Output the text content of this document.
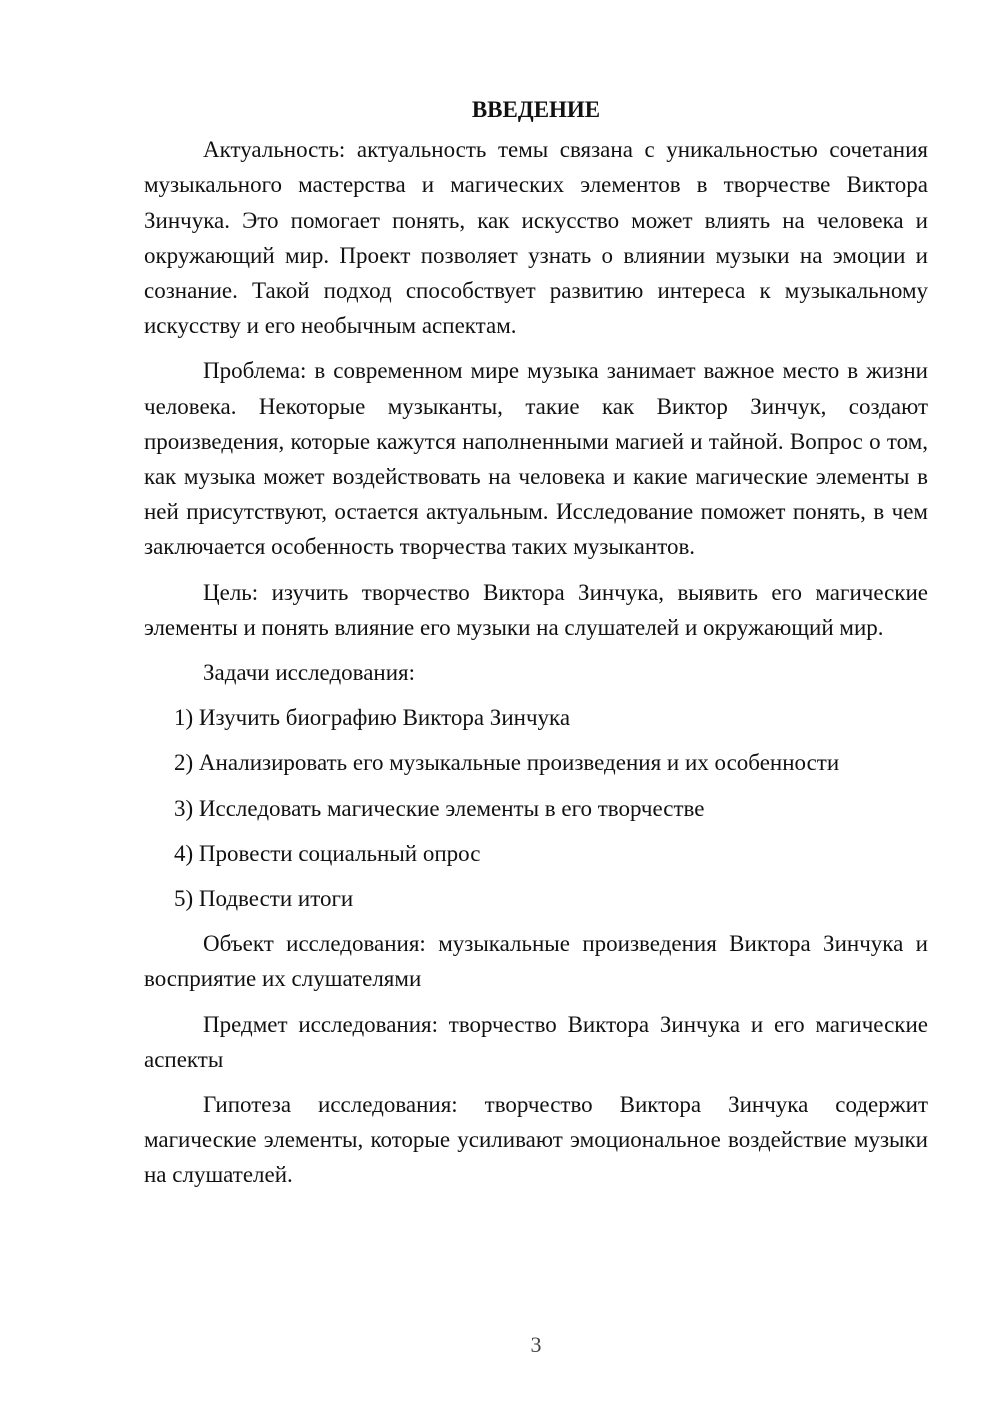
ВВЕДЕНИЕ

Актуальность: актуальность темы связана с уникальностью сочетания музыкального мастерства и магических элементов в творчестве Виктора Зинчука. Это помогает понять, как искусство может влиять на человека и окружающий мир. Проект позволяет узнать о влиянии музыки на эмоции и сознание. Такой подход способствует развитию интереса к музыкальному искусству и его необычным аспектам.

Проблема: в современном мире музыка занимает важное место в жизни человека. Некоторые музыканты, такие как Виктор Зинчук, создают произведения, которые кажутся наполненными магией и тайной. Вопрос о том, как музыка может воздействовать на человека и какие магические элементы в ней присутствуют, остается актуальным. Исследование поможет понять, в чем заключается особенность творчества таких музыкантов.

Цель: изучить творчество Виктора Зинчука, выявить его магические элементы и понять влияние его музыки на слушателей и окружающий мир.

Задачи исследования:
1) Изучить биографию Виктора Зинчука
2) Анализировать его музыкальные произведения и их особенности
3) Исследовать магические элементы в его творчестве
4) Провести социальный опрос
5) Подвести итоги

Объект исследования: музыкальные произведения Виктора Зинчука и восприятие их слушателями

Предмет исследования: творчество Виктора Зинчука и его магические аспекты

Гипотеза исследования: творчество Виктора Зинчука содержит магические элементы, которые усиливают эмоциональное воздействие музыки на слушателей.

3
